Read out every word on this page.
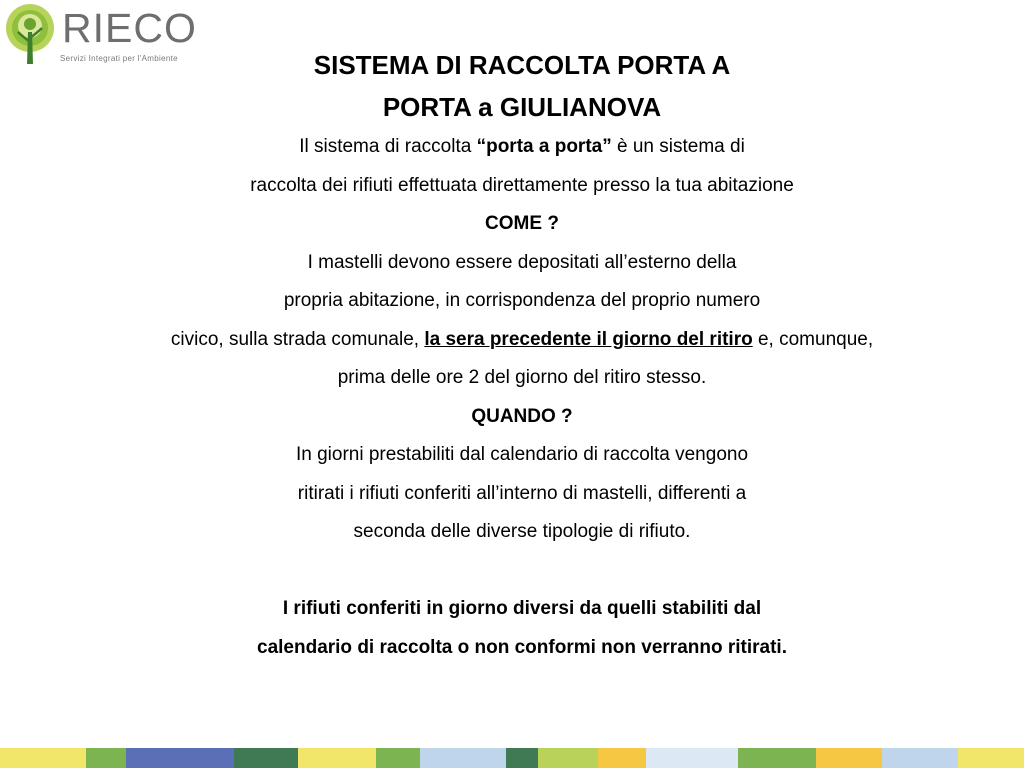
RIECO
Servizi Integrati per l'Ambiente	SISTEMA DI RACCOLTA PORTA A
PORTA a GIULIANOVA
Il sistema di raccolta “porta a porta” è un sistema di
raccolta dei rifiuti effettuata direttamente presso la tua abitazione
COME ?
I mastelli devono essere depositati all’esterno della
propria abitazione, in corrispondenza del proprio numero
civico, sulla strada comunale, la sera precedente il giorno del ritiro e, comunque,
prima delle ore 2 del giorno del ritiro stesso.
QUANDO ?
In giorni prestabiliti dal calendario di raccolta vengono
ritirati i rifiuti conferiti all’interno di mastelli, differenti a
seconda delle diverse tipologie di rifiuto.
I rifiuti conferiti in giorno diversi da quelli stabiliti dal
calendario di raccolta o non conformi non verranno ritirati.
